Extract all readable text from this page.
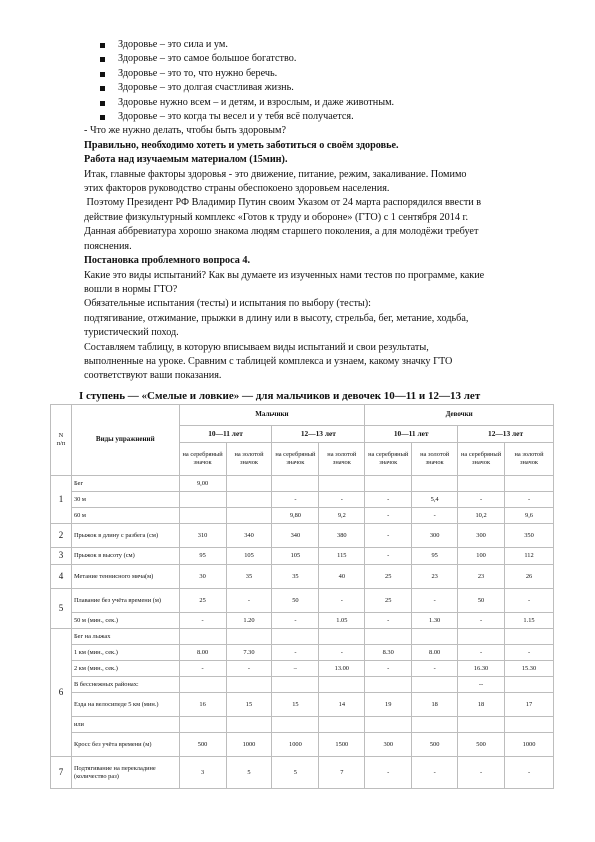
Здоровье – это сила и ум.
Здоровье – это самое большое богатство.
Здоровье – это то, что нужно беречь.
Здоровье – это долгая счастливая жизнь.
Здоровье нужно всем – и детям, и взрослым, и даже животным.
Здоровье – это когда ты весел и у тебя всё получается.
- Что же нужно делать, чтобы быть здоровым?
Правильно, необходимо хотеть и уметь заботиться о своём здоровье.
Работа над изучаемым материалом (15мин).
Итак, главные факторы здоровья - это движение, питание, режим, закаливание. Помимо
этих факторов руководство страны обеспокоено здоровьем населения.
Поэтому Президент РФ Владимир Путин своим Указом от 24 марта распорядился ввести в
действие физкультурный комплекс «Готов к труду и обороне» (ГТО) с 1 сентября 2014 г.
Данная аббревиатура хорошо знакома людям старшего поколения, а для молодёжи требует
пояснения.
Постановка проблемного вопроса 4.
Какие это виды испытаний? Как вы думаете из изученных нами тестов по программе, какие
вошли в нормы ГТО?
Обязательные испытания (тесты) и испытания по выбору (тесты):
подтягивание, отжимание, прыжки в длину или в высоту, стрельба, бег, метание, ходьба,
туристический поход.
Составляем таблицу, в которую вписываем виды испытаний и свои результаты,
выполненные на уроке. Сравним с таблицей комплекса и узнаем, какому значку ГТО
соответствуют ваши показания.
I ступень — «Смелые и ловкие» — для мальчиков и девочек 10—11 и 12—13 лет
N
п/п	Виды упражнений	Мальчики				Девочки			
		10—11 лет		12—13 лет		10—11 лет		12—13 лет	
		на серебряный значок	на золотой значок	на серебряный значок	на золотой значок	на серебряный значок	на золотой значок	на серебряный значок	на золотой значок
1	Бег	9,00							
	30 м			-	-	-	5,4	-	-
	60 м			9,80	9,2	-	-	10,2	9,6
2	Прыжок в длину с разбега (см)	310	340	340	380	-	300	300	350
3	Прыжок в высоту (см)	95	105	105	115	-	95	100	112
4	Метание теннисного мяча(м)	30	35	35	40	25	23	23	26
5	Плавание без учёта времени (м)	25	-	50	-	25	-	50	-
	50 м (мин., сек.)	-	1.20	-	1.05	-	1.30	-	1.15
6	Бег на лыжах								
	1 км (мин., сек.)	8.00	7.30	-	-	8.30	8.00	-	-
	2 км (мин., сек.)	-	-	–	13.00	-	-	16.30	15.30
	В бесснежных районах:							--	
	Езда на велосипеде 5 км (мин.)	16	15	15	14	19	18	18	17
	или								
	Кросс без учёта времени (м)	500	1000	1000	1500	300	500	500	1000
7	Подтягивание на перекладине (количество раз)	3	5	5	7	-	-	-	-
